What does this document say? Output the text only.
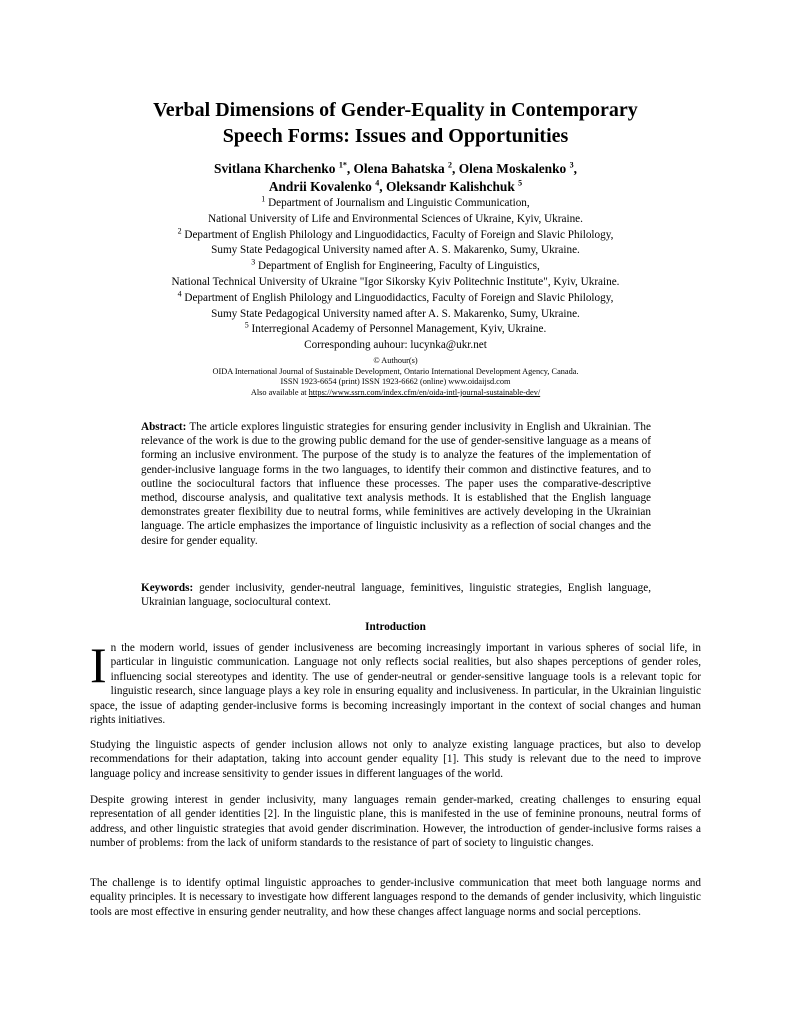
Verbal Dimensions of Gender-Equality in Contemporary
Speech Forms: Issues and Opportunities
Svitlana Kharchenko $^{1*}$, Olena Bahatska $^2$, Olena Moskalenko $^3$,
Andrii Kovalenko $^4$, Oleksandr Kalishchuk $^5$
$^1$ Department of Journalism and Linguistic Communication,
National University of Life and Environmental Sciences of Ukraine, Kyiv, Ukraine.
$^2$ Department of English Philology and Linguodidactics, Faculty of Foreign and Slavic Philology,
Sumy State Pedagogical University named after A. S. Makarenko, Sumy, Ukraine.
$^3$ Department of English for Engineering, Faculty of Linguistics,
National Technical University of Ukraine "Igor Sikorsky Kyiv Politechnic Institute", Kyiv, Ukraine.
$^4$ Department of English Philology and Linguodidactics, Faculty of Foreign and Slavic Philology,
Sumy State Pedagogical University named after A. S. Makarenko, Sumy, Ukraine.
$^5$ Interregional Academy of Personnel Management, Kyiv, Ukraine.
Corresponding auhour: lucynka@ukr.net
© Authour(s)
OIDA International Journal of Sustainable Development, Ontario International Development Agency, Canada.
ISSN 1923-6654 (print) ISSN 1923-6662 (online) www.oidaijsd.com
Also available at https://www.ssrn.com/index.cfm/en/oida-intl-journal-sustainable-dev/

Abstract: The article explores linguistic strategies for ensuring gender inclusivity in English and Ukrainian. The relevance of the work is due to the growing public demand for the use of gender-sensitive language as a means of forming an inclusive environment. The purpose of the study is to analyze the features of the implementation of gender-inclusive language forms in the two languages, to identify their common and distinctive features, and to outline the sociocultural factors that influence these processes. The paper uses the comparative-descriptive method, discourse analysis, and qualitative text analysis methods. It is established that the English language demonstrates greater flexibility due to neutral forms, while feminitives are actively developing in the Ukrainian language. The article emphasizes the importance of linguistic inclusivity as a reflection of social changes and the desire for gender equality.

Keywords: gender inclusivity, gender-neutral language, feminitives, linguistic strategies, English language, Ukrainian language, sociocultural context.

Introduction

In the modern world, issues of gender inclusiveness are becoming increasingly important in various spheres of social life, in particular in linguistic communication. Language not only reflects social realities, but also shapes perceptions of gender roles, influencing social stereotypes and identity. The use of gender-neutral or gender-sensitive language tools is a relevant topic for linguistic research, since language plays a key role in ensuring equality and inclusiveness. In particular, in the Ukrainian linguistic space, the issue of adapting gender-inclusive forms is becoming increasingly important in the context of social changes and human rights initiatives.

Studying the linguistic aspects of gender inclusion allows not only to analyze existing language practices, but also to develop recommendations for their adaptation, taking into account gender equality [1]. This study is relevant due to the need to improve language policy and increase sensitivity to gender issues in different languages of the world.

Despite growing interest in gender inclusivity, many languages remain gender-marked, creating challenges to ensuring equal representation of all gender identities [2]. In the linguistic plane, this is manifested in the use of feminine pronouns, neutral forms of address, and other linguistic strategies that avoid gender discrimination. However, the introduction of gender-inclusive forms raises a number of problems: from the lack of uniform standards to the resistance of part of society to linguistic changes.

The challenge is to identify optimal linguistic approaches to gender-inclusive communication that meet both language norms and equality principles. It is necessary to investigate how different languages respond to the demands of gender inclusivity, which linguistic tools are most effective in ensuring gender neutrality, and how these changes affect language norms and social perceptions.
